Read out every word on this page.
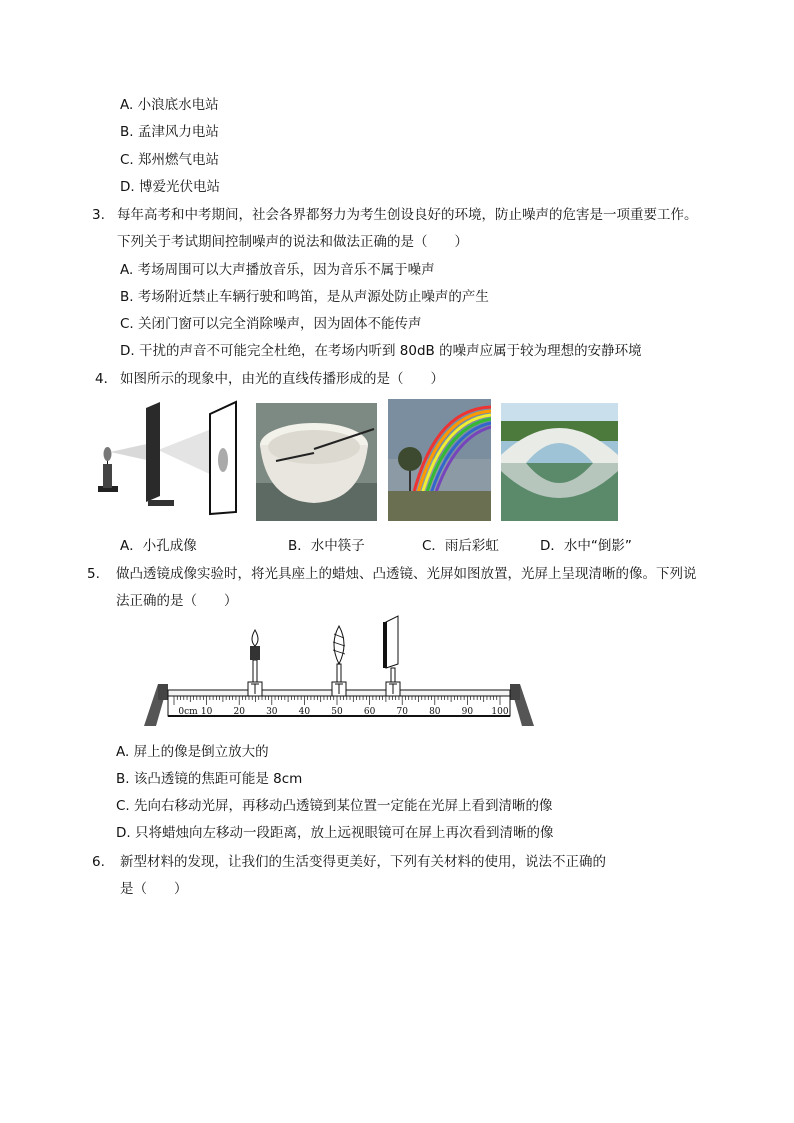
A. 小浪底水电站
B. 孟津风力电站
C. 郑州燃气电站
D. 博爱光伏电站
3. 每年高考和中考期间，社会各界都努力为考生创设良好的环境，防止噪声的危害是一项重要工作。
下列关于考试期间控制噪声的说法和做法正确的是（　　）
A. 考场周围可以大声播放音乐，因为音乐不属于噪声
B. 考场附近禁止车辆行驶和鸣笛，是从声源处防止噪声的产生
C. 关闭门窗可以完全消除噪声，因为固体不能传声
D. 干扰的声音不可能完全杜绝，在考场内听到 80dB 的噪声应属于较为理想的安静环境
4． 如图所示的现象中，由光的直线传播形成的是（　　）
A．小孔成像	B．水中筷子	C．雨后彩虹	D．水中“倒影”
5. 做凸透镜成像实验时，将光具座上的蜡烛、凸透镜、光屏如图放置，光屏上呈现清晰的像。下列说
法正确的是（　　）
0cm 10 20 30 40 50 60 70 80 90 100
A. 屏上的像是倒立放大的
B. 该凸透镜的焦距可能是 8cm
C. 先向右移动光屏，再移动凸透镜到某位置一定能在光屏上看到清晰的像
D. 只将蜡烛向左移动一段距离，放上远视眼镜可在屏上再次看到清晰的像
6. 新型材料的发现，让我们的生活变得更美好，下列有关材料的使用，说法不正确的
是（　　）
